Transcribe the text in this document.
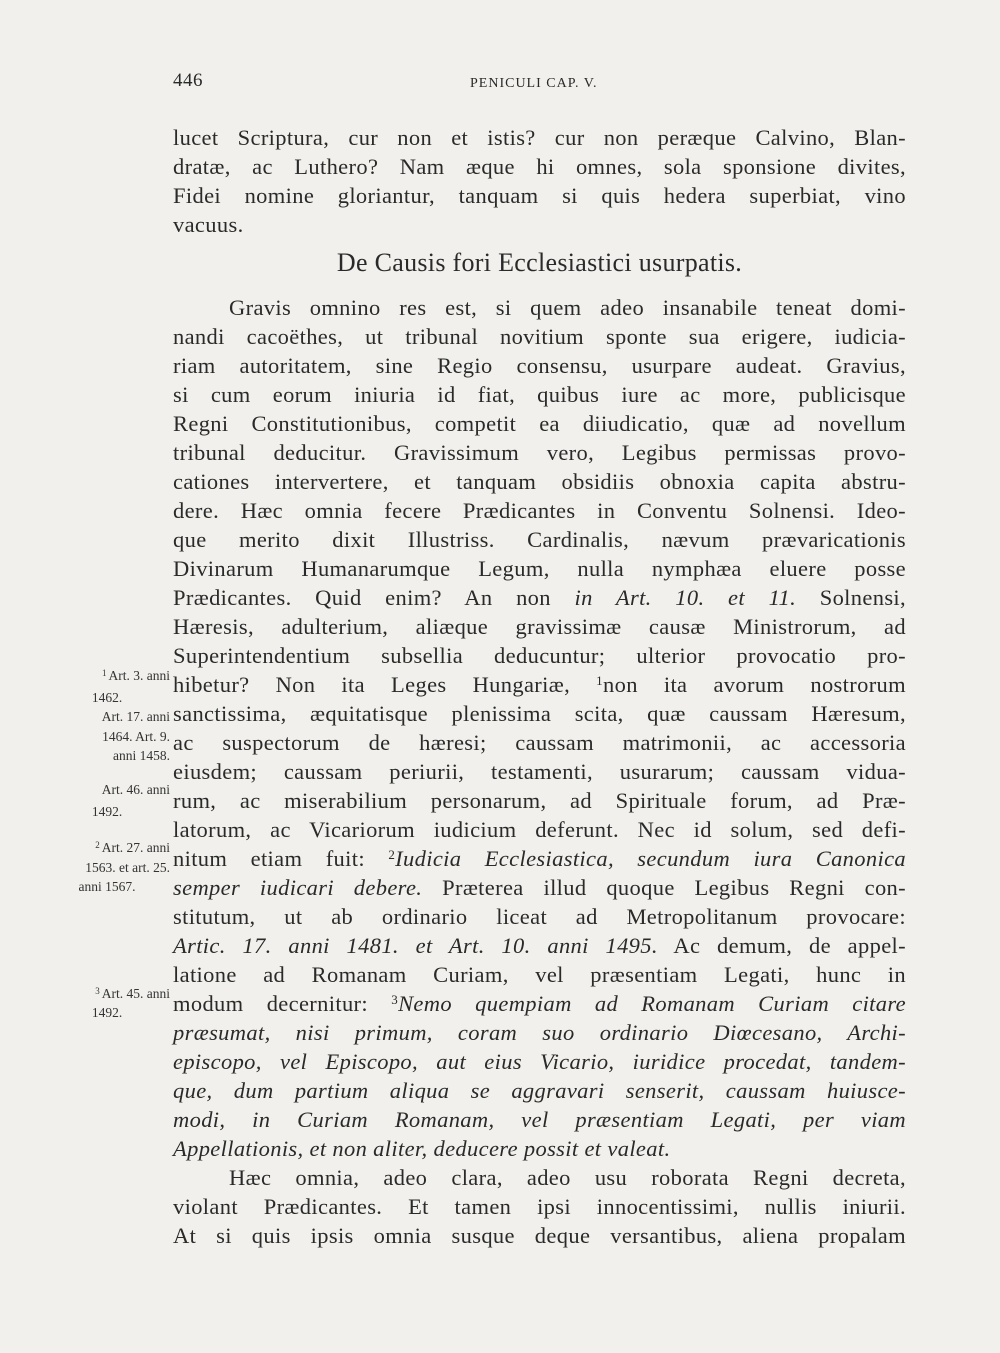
446	PENICULI CAP. V.
lucet Scriptura, cur non et istis? cur non peræque Calvino, Blan-
dratæ, ac Luthero? Nam æque hi omnes, sola sponsione divites,
Fidei nomine gloriantur, tanquam si quis hedera superbiat, vino
vacuus.
De Causis fori Ecclesiastici usurpatis.
Gravis omnino res est, si quem adeo insanabile teneat domi-
nandi cacoëthes, ut tribunal novitium sponte sua erigere, iudicia-
riam autoritatem, sine Regio consensu, usurpare audeat. Gravius,
si cum eorum iniuria id fiat, quibus iure ac more, publicisque
Regni Constitutionibus, competit ea diiudicatio, quæ ad novellum
tribunal deducitur. Gravissimum vero, Legibus permissas provo-
cationes intervertere, et tanquam obsidiis obnoxia capita abstru-
dere. Hæc omnia fecere Prædicantes in Conventu Solnensi. Ideo-
que merito dixit Illustriss. Cardinalis, nævum prævaricationis
Divinarum Humanarumque Legum, nulla nymphæa eluere posse
Prædicantes. Quid enim? An non in Art. 10. et 11. Solnensi,
Hæresis, adulterium, aliæque gravissimæ causæ Ministrorum, ad
Superintendentium subsellia deducuntur; ulterior provocatio pro-
hibetur? Non ita Leges Hungariæ, $^1$non ita avorum nostrorum
sanctissima, æquitatisque plenissima scita, quæ caussam Hæresum,
ac suspectorum de hæresi; caussam matrimonii, ac accessoria
eiusdem; caussam periurii, testamenti, usurarum; caussam vidua-
rum, ac miserabilium personarum, ad Spirituale forum, ad Præ-
latorum, ac Vicariorum iudicium deferunt. Nec id solum, sed defi-
nitum etiam fuit: $^2$Iudicia Ecclesiastica, secundum iura Canonica
semper iudicari debere. Præterea illud quoque Legibus Regni con-
stitutum, ut ab ordinario liceat ad Metropolitanum provocare:
Artic. 17. anni 1481. et Art. 10. anni 1495. Ac demum, de appel-
latione ad Romanam Curiam, vel præsentiam Legati, hunc in
modum decernitur: $^3$Nemo quempiam ad Romanam Curiam citare
præsumat, nisi primum, coram suo ordinario Diœcesano, Archi-
episcopo, vel Episcopo, aut eius Vicario, iuridice procedat, tandem-
que, dum partium aliqua se aggravari senserit, caussam huiusce-
modi, in Curiam Romanam, vel præsentiam Legati, per viam
Appellationis, et non aliter, deducere possit et valeat.
Hæc omnia, adeo clara, adeo usu roborata Regni decreta,
violant Prædicantes. Et tamen ipsi innocentissimi, nullis iniurii.
At si quis ipsis omnia susque deque versantibus, aliena propalam
$^1$ Art. 3. anni
1462.
Art. 17. anni
1464. Art. 9.
anni 1458.
Art. 46. anni
1492.
$^2$ Art. 27. anni
1563. et art. 25.
anni 1567.
$^3$ Art. 45. anni
1492.
